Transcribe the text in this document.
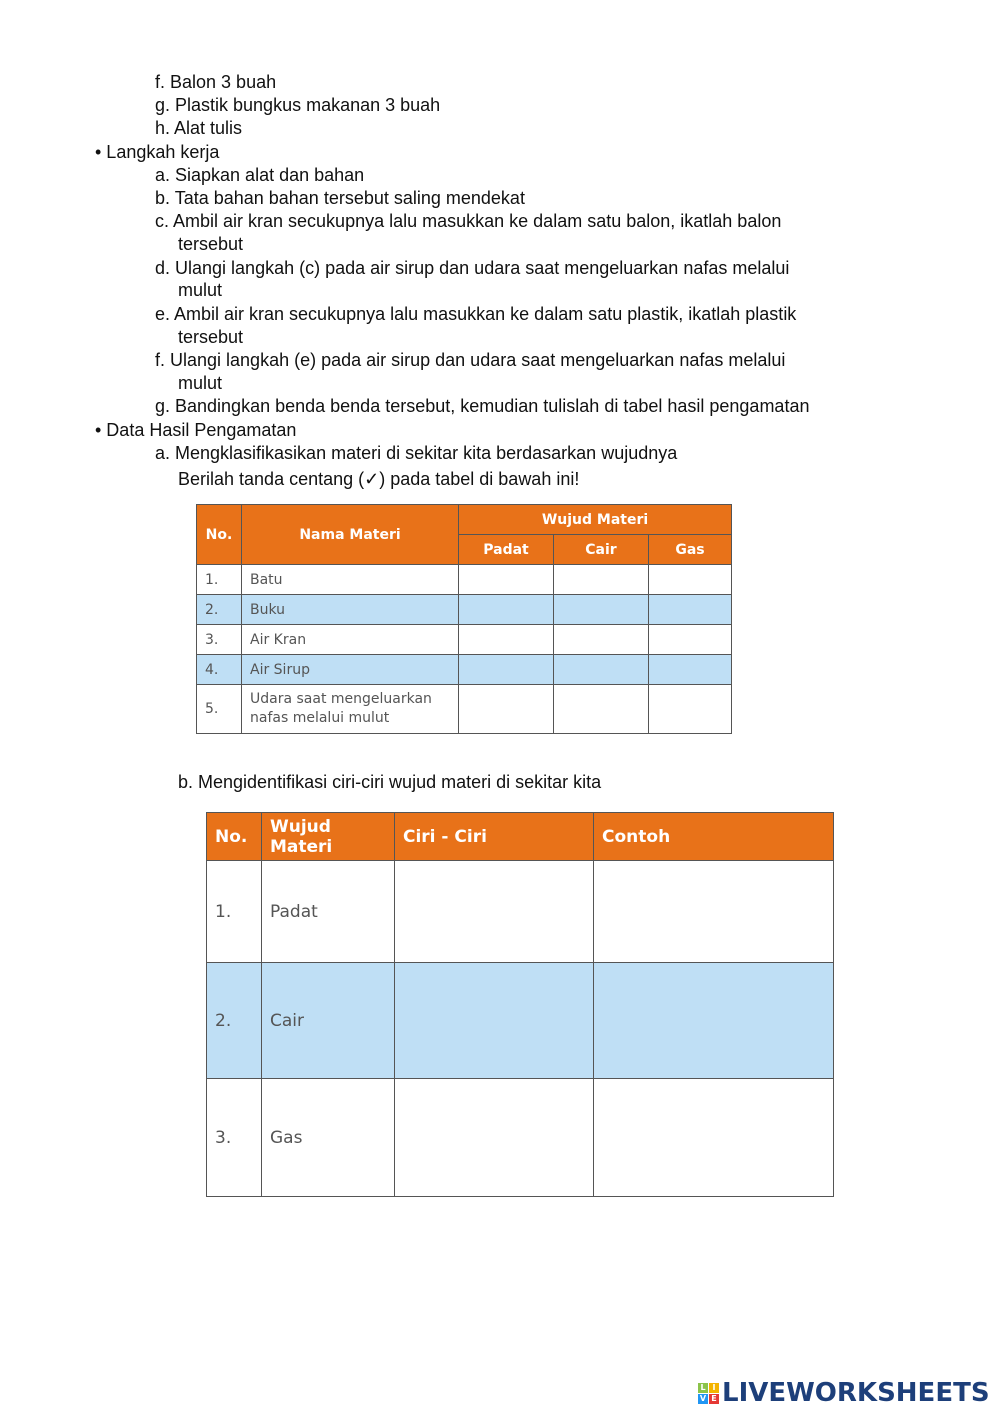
f. Balon 3 buah
g. Plastik bungkus makanan 3 buah
h. Alat tulis
• Langkah kerja
a. Siapkan alat dan bahan
b. Tata bahan bahan tersebut saling mendekat
c. Ambil air kran secukupnya lalu masukkan ke dalam satu balon, ikatlah balon
tersebut
d. Ulangi langkah (c) pada air sirup dan udara saat mengeluarkan nafas melalui
mulut
e. Ambil air kran secukupnya lalu masukkan ke dalam satu plastik, ikatlah plastik
tersebut
f. Ulangi langkah (e) pada air sirup dan udara saat mengeluarkan nafas melalui
mulut
g. Bandingkan benda benda tersebut, kemudian tulislah di tabel hasil pengamatan
• Data Hasil Pengamatan
a. Mengklasifikasikan materi di sekitar kita berdasarkan wujudnya
Berilah tanda centang (✓) pada tabel di bawah ini!
No.	Nama Materi	Wujud Materi		
		Padat	Cair	Gas
1.	Batu			
2.	Buku			
3.	Air Kran			
4.	Air Sirup			
5.	Udara saat mengeluarkan nafas melalui mulut			
b. Mengidentifikasi ciri-ciri wujud materi di sekitar kita
No.	Wujud Materi	Ciri - Ciri	Contoh
1.	Padat		
2.	Cair		
3.	Gas		
L I
V E LIVEWORKSHEETS
